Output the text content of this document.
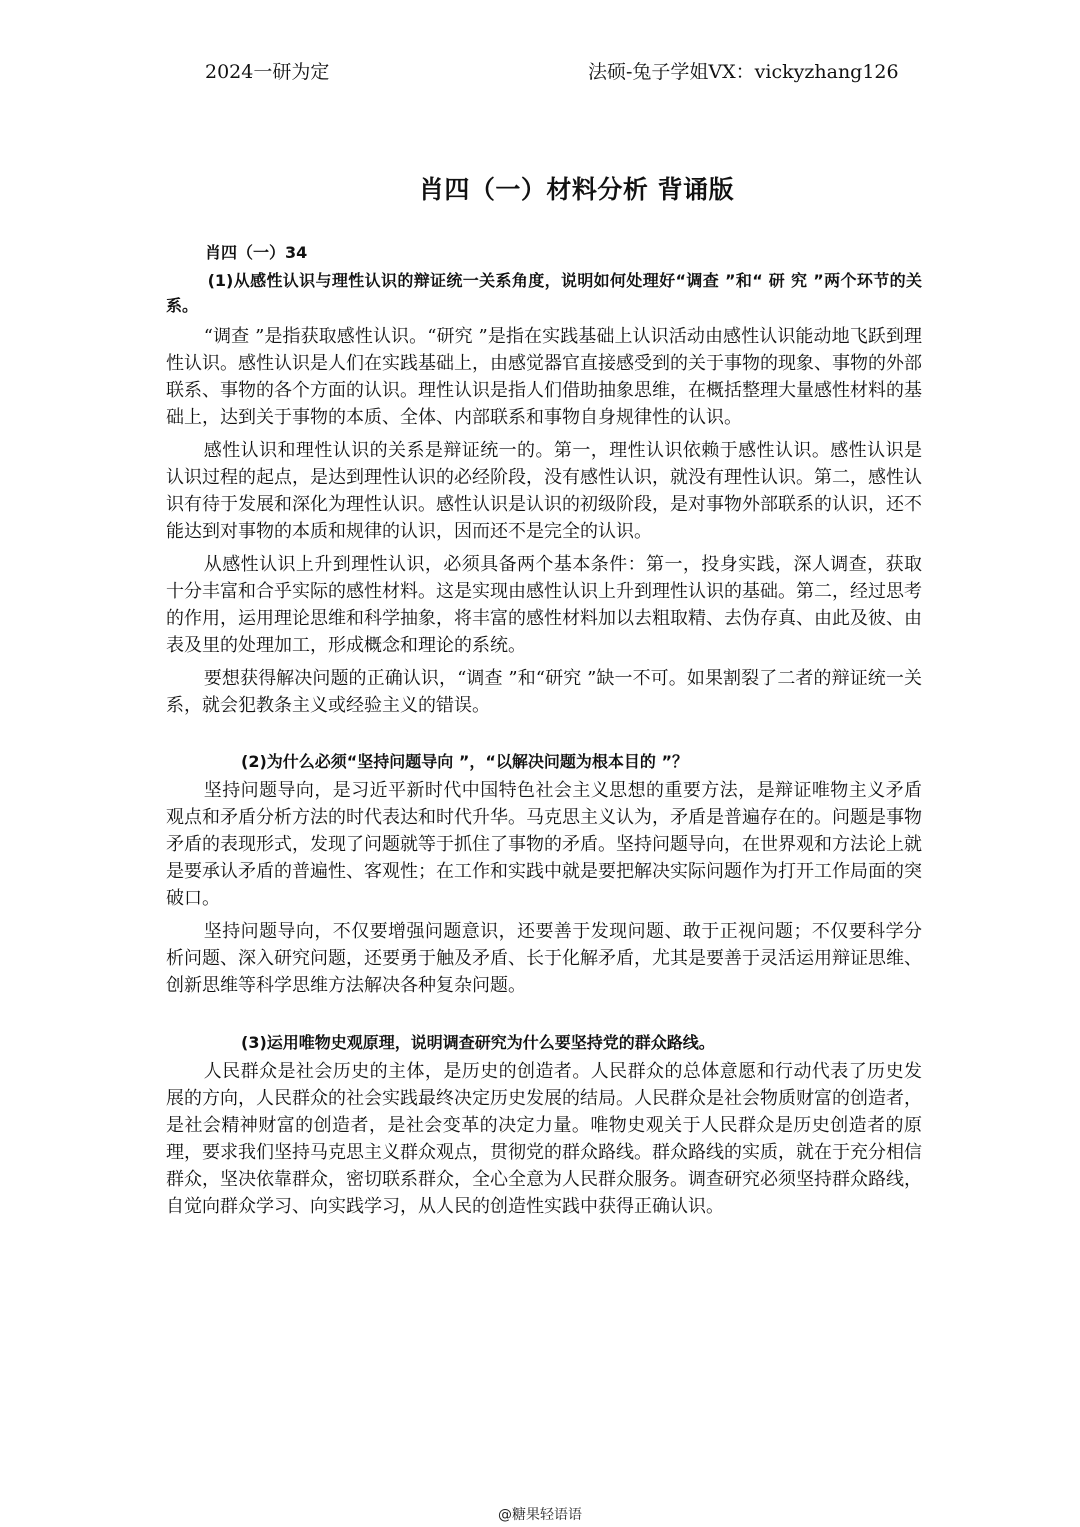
2024一研为定	法硕-兔子学姐VX：vickyzhang126
肖四（一）材料分析 背诵版

肖四（一）34

(1)从感性认识与理性认识的辩证统一关系角度，说明如何处理好“调查 ”和“ 研 究 ”两个环节的关系。

“调查 ”是指获取感性认识。“研究 ”是指在实践基础上认识活动由感性认识能动地飞跃到理性认识。感性认识是人们在实践基础上，由感觉器官直接感受到的关于事物的现象、事物的外部联系、事物的各个方面的认识。理性认识是指人们借助抽象思维，在概括整理大量感性材料的基础上，达到关于事物的本质、全体、内部联系和事物自身规律性的认识。

感性认识和理性认识的关系是辩证统一的。第一，理性认识依赖于感性认识。感性认识是认识过程的起点，是达到理性认识的必经阶段，没有感性认识，就没有理性认识。第二，感性认识有待于发展和深化为理性认识。感性认识是认识的初级阶段，是对事物外部联系的认识，还不能达到对事物的本质和规律的认识，因而还不是完全的认识。

从感性认识上升到理性认识，必须具备两个基本条件：第一，投身实践，深人调查，获取十分丰富和合乎实际的感性材料。这是实现由感性认识上升到理性认识的基础。第二，经过思考的作用，运用理论思维和科学抽象，将丰富的感性材料加以去粗取精、去伪存真、由此及彼、由表及里的处理加工，形成概念和理论的系统。

要想获得解决问题的正确认识，“调查 ”和“研究 ”缺一不可。如果割裂了二者的辩证统一关系，就会犯教条主义或经验主义的错误。

(2)为什么必须“坚持问题导向 ”，“以解决问题为根本目的 ”？

坚持问题导向，是习近平新时代中国特色社会主义思想的重要方法，是辩证唯物主义矛盾观点和矛盾分析方法的时代表达和时代升华。马克思主义认为，矛盾是普遍存在的。问题是事物矛盾的表现形式，发现了问题就等于抓住了事物的矛盾。坚持问题导向，在世界观和方法论上就是要承认矛盾的普遍性、客观性；在工作和实践中就是要把解决实际问题作为打开工作局面的突破口。

坚持问题导向，不仅要增强问题意识，还要善于发现问题、敢于正视问题；不仅要科学分析问题、深入研究问题，还要勇于触及矛盾、长于化解矛盾，尤其是要善于灵活运用辩证思维、创新思维等科学思维方法解决各种复杂问题。

(3)运用唯物史观原理，说明调查研究为什么要坚持党的群众路线。

人民群众是社会历史的主体，是历史的创造者。人民群众的总体意愿和行动代表了历史发展的方向，人民群众的社会实践最终决定历史发展的结局。人民群众是社会物质财富的创造者，是社会精神财富的创造者，是社会变革的决定力量。唯物史观关于人民群众是历史创造者的原理，要求我们坚持马克思主义群众观点，贯彻党的群众路线。群众路线的实质，就在于充分相信群众，坚决依靠群众，密切联系群众，全心全意为人民群众服务。调查研究必须坚持群众路线，自觉向群众学习、向实践学习，从人民的创造性实践中获得正确认识。

@糖果轻语语
